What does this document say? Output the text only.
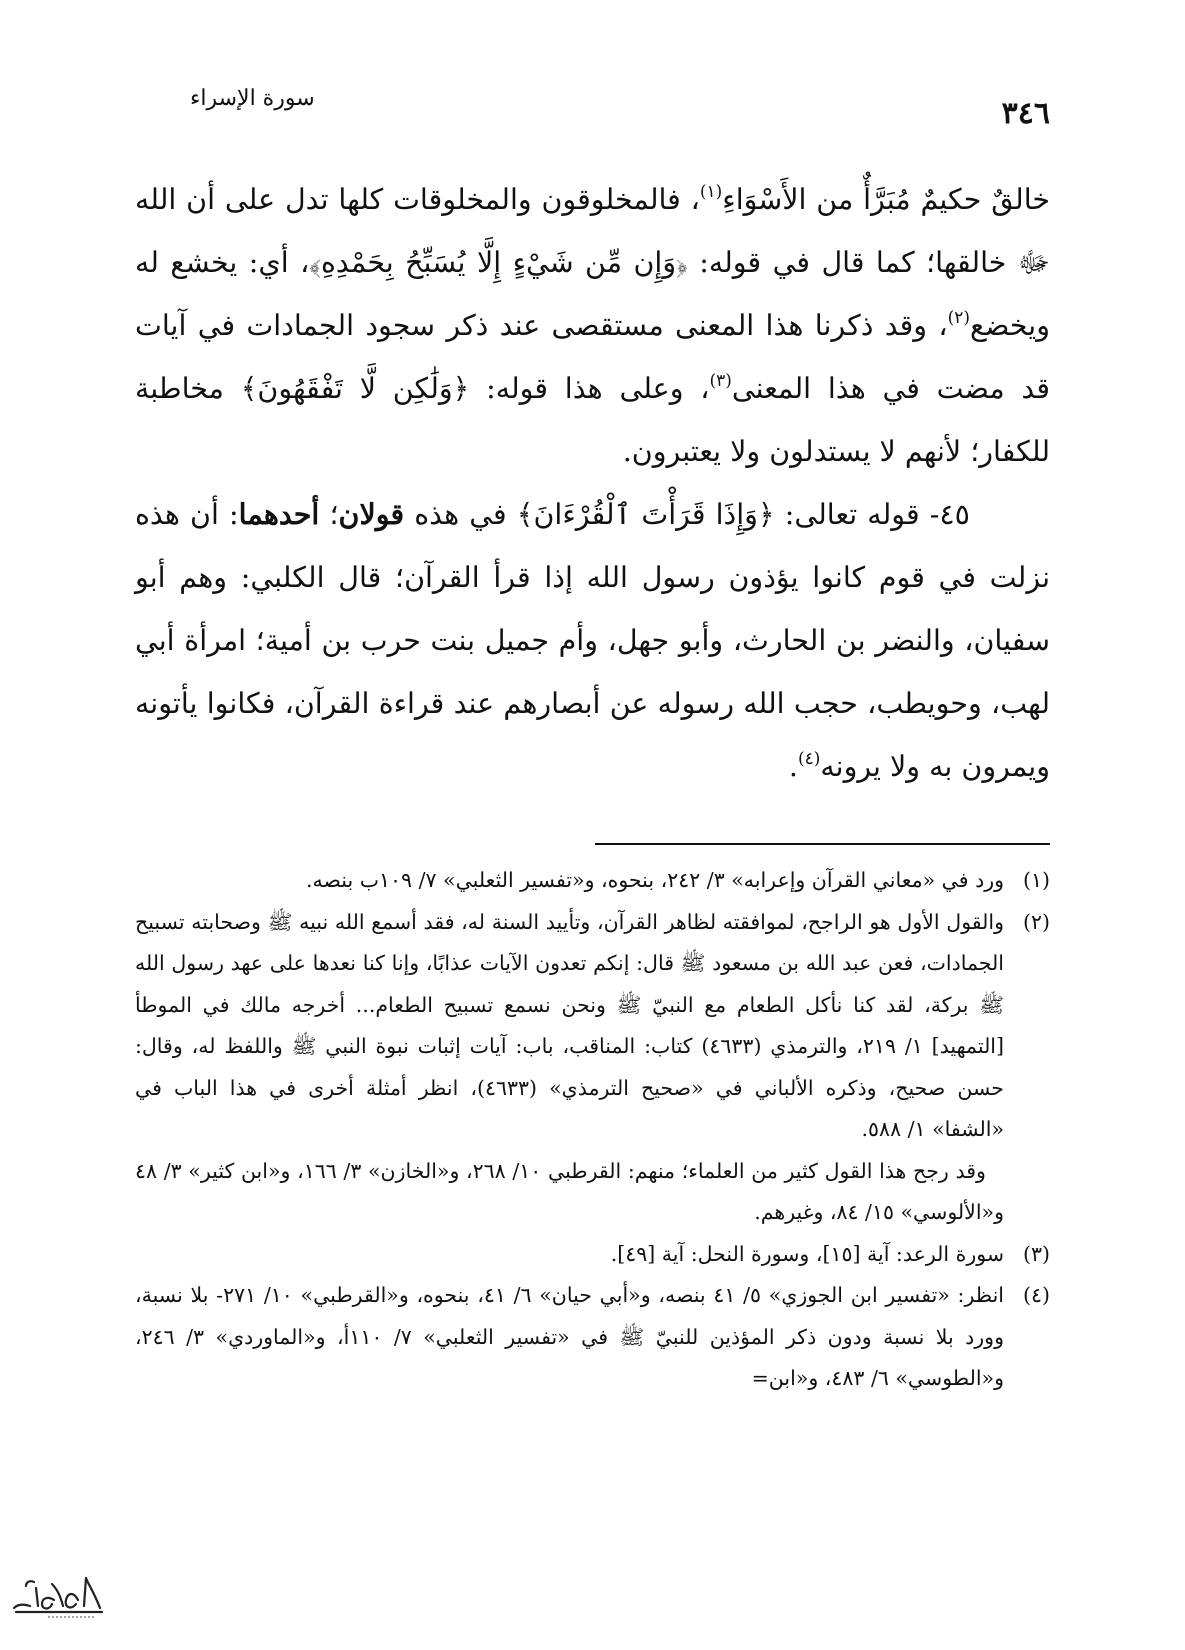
٣٤٦
سورة الإسراء

خالقٌ حكيمٌ مُبَرَّأٌ من الأَسْوَاءِ$^{(١)}$، فالمخلوقون والمخلوقات كلها تدل على أن الله ﷻ خالقها؛ كما قال في قوله: ﴿وَإِن مِّن شَيْءٍ إِلَّا يُسَبِّحُ بِحَمْدِهِ﴾، أي: يخشع له ويخضع$^{(٢)}$، وقد ذكرنا هذا المعنى مستقصى عند ذكر سجود الجمادات في آيات قد مضت في هذا المعنى$^{(٣)}$، وعلى هذا قوله: ﴿وَلَٰكِن لَّا تَفْقَهُونَ﴾ مخاطبة للكفار؛ لأنهم لا يستدلون ولا يعتبرون.

٤٥- قوله تعالى: ﴿وَإِذَا قَرَأْتَ ٱلْقُرْءَانَ﴾ في هذه قولان؛ أحدهما: أن هذه نزلت في قوم كانوا يؤذون رسول الله إذا قرأ القرآن؛ قال الكلبي: وهم أبو سفيان، والنضر بن الحارث، وأبو جهل، وأم جميل بنت حرب بن أمية؛ امرأة أبي لهب، وحويطب، حجب الله رسوله عن أبصارهم عند قراءة القرآن، فكانوا يأتونه ويمرون به ولا يرونه$^{(٤)}$.

(١)
ورد في «معاني القرآن وإعرابه» ٣/ ٢٤٢، بنحوه، و«تفسير الثعلبي» ٧/ ١٠٩ب بنصه.
(٢)
والقول الأول هو الراجح، لموافقته لظاهر القرآن، وتأييد السنة له، فقد أسمع الله نبيه ﷺ وصحابته تسبيح الجمادات، فعن عبد الله بن مسعود ﷺ قال: إنكم تعدون الآيات عذابًا، وإنا كنا نعدها على عهد رسول الله ﷺ بركة، لقد كنا نأكل الطعام مع النبيّ ﷺ ونحن نسمع تسبيح الطعام... أخرجه مالك في الموطأ [التمهيد] ١/ ٢١٩، والترمذي (٤٦٣٣) كتاب: المناقب، باب: آيات إثبات نبوة النبي ﷺ واللفظ له، وقال: حسن صحيح، وذكره الألباني في «صحيح الترمذي» (٤٦٣٣)، انظر أمثلة أخرى في هذا الباب في «الشفا» ١/ ٥٨٨.
وقد رجح هذا القول كثير من العلماء؛ منهم: القرطبي ١٠/ ٢٦٨، و«الخازن» ٣/ ١٦٦، و«ابن كثير» ٣/ ٤٨ و«الألوسي» ١٥/ ٨٤، وغيرهم.
(٣)
سورة الرعد: آية [١٥]، وسورة النحل: آية [٤٩].
(٤)
انظر: «تفسير ابن الجوزي» ٥/ ٤١ بنصه، و«أبي حيان» ٦/ ٤١، بنحوه، و«القرطبي» ١٠/ ٢٧١- بلا نسبة، وورد بلا نسبة ودون ذكر المؤذين للنبيّ ﷺ في «تفسير الثعلبي» ٧/ ١١٠أ، و«الماوردي» ٣/ ٢٤٦، و«الطوسي» ٦/ ٤٨٣، و«ابن=
